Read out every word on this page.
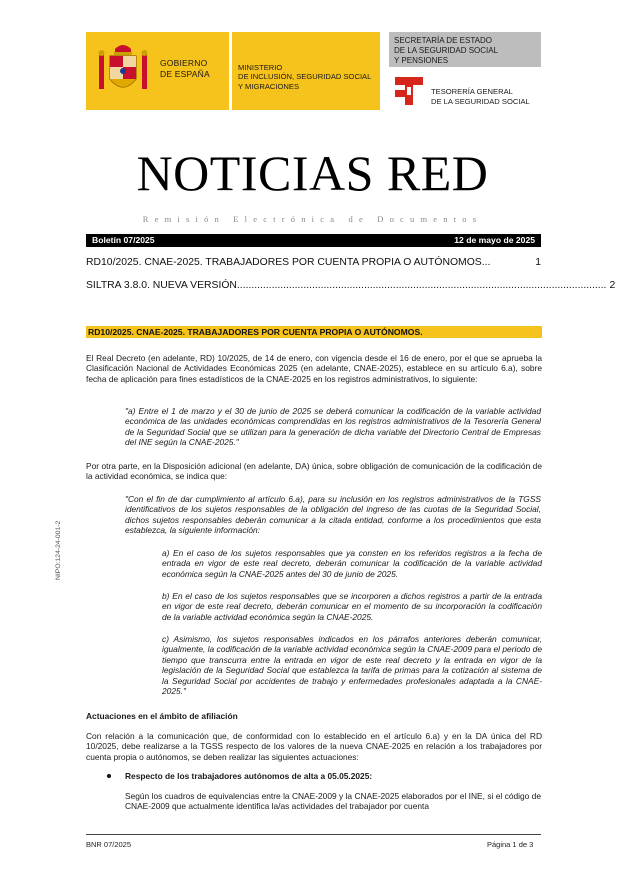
GOBIERNO
DE ESPAÑA
MINISTERIO
DE INCLUSIÓN, SEGURIDAD SOCIAL
Y MIGRACIONES
SECRETARÍA DE ESTADO
DE LA SEGURIDAD SOCIAL
Y PENSIONES
TESORERÍA GENERAL
DE LA SEGURIDAD SOCIAL
NOTICIAS RED
Remisión Electrónica de Documentos
Boletín 07/2025	12 de mayo de 2025
RD10/2025. CNAE-2025. TRABAJADORES POR CUENTA PROPIA O AUTÓNOMOS. ..	1
SILTRA 3.8.0. NUEVA VERSIÓN ................................................................................................................................ 2
RD10/2025. CNAE-2025. TRABAJADORES POR CUENTA PROPIA O AUTÓNOMOS.
El Real Decreto (en adelante, RD) 10/2025, de 14 de enero, con vigencia desde el 16 de enero, por el que se aprueba la Clasificación Nacional de Actividades Económicas 2025 (en adelante, CNAE-2025), establece en su artículo 6.a), sobre fecha de aplicación para fines estadísticos de la CNAE-2025 en los registros administrativos, lo siguiente:
"a) Entre el 1 de marzo y el 30 de junio de 2025 se deberá comunicar la codificación de la variable actividad económica de las unidades económicas comprendidas en los registros administrativos de la Tesorería General de la Seguridad Social que se utilizan para la generación de dicha variable del Directorio Central de Empresas del INE según la CNAE-2025."
Por otra parte, en la Disposición adicional (en adelante, DA) única, sobre obligación de comunicación de la codificación de la actividad económica, se indica que:
"Con el fin de dar cumplimiento al artículo 6.a), para su inclusión en los registros administrativos de la TGSS identificativos de los sujetos responsables de la obligación del ingreso de las cuotas de la Seguridad Social, dichos sujetos responsables deberán comunicar a la citada entidad, conforme a los procedimientos que esta establezca, la siguiente información:
a) En el caso de los sujetos responsables que ya consten en los referidos registros a la fecha de entrada en vigor de este real decreto, deberán comunicar la codificación de la variable actividad económica según la CNAE-2025 antes del 30 de junio de 2025.
b) En el caso de los sujetos responsables que se incorporen a dichos registros a partir de la entrada en vigor de este real decreto, deberán comunicar en el momento de su incorporación la codificación de la variable actividad económica según la CNAE-2025.
c) Asimismo, los sujetos responsables indicados en los párrafos anteriores deberán comunicar, igualmente, la codificación de la variable actividad económica según la CNAE-2009 para el periodo de tiempo que transcurra entre la entrada en vigor de este real decreto y la entrada en vigor de la legislación de la Seguridad Social que establezca la tarifa de primas para la cotización al sistema de la Seguridad Social por accidentes de trabajo y enfermedades profesionales adaptada a la CNAE-2025."
Actuaciones en el ámbito de afiliación
Con relación a la comunicación que, de conformidad con lo establecido en el artículo 6.a) y en la DA única del RD 10/2025, debe realizarse a la TGSS respecto de los valores de la nueva CNAE-2025 en relación a los trabajadores por cuenta propia o autónomos, se deben realizar las siguientes actuaciones:
Respecto de los trabajadores autónomos de alta a 05.05.2025:
Según los cuadros de equivalencias entre la CNAE-2009 y la CNAE-2025 elaborados por el INE, si el código de CNAE-2009 que actualmente identifica la/as actividades del trabajador por cuenta
NIPO:124-24-001-2
BNR 07/2025	Página 1 de 3
